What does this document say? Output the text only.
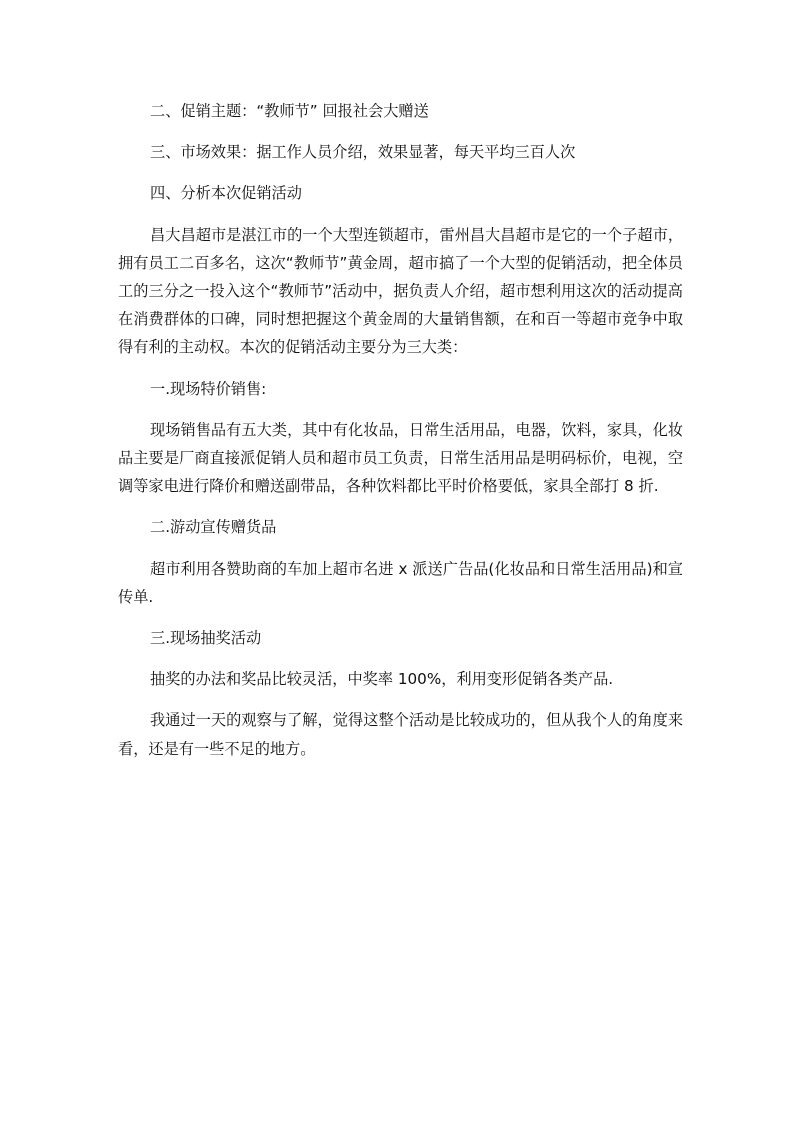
二、促销主题：“教师节” 回报社会大赠送

三、市场效果：据工作人员介绍，效果显著，每天平均三百人次

四、分析本次促销活动

昌大昌超市是湛江市的一个大型连锁超市，雷州昌大昌超市是它的一个子超市，拥有员工二百多名，这次“教师节”黄金周，超市搞了一个大型的促销活动，把全体员工的三分之一投入这个“教师节”活动中，据负责人介绍，超市想利用这次的活动提高在消费群体的口碑，同时想把握这个黄金周的大量销售额，在和百一等超市竞争中取得有利的主动权。本次的促销活动主要分为三大类：

一.现场特价销售:

现场销售品有五大类，其中有化妆品，日常生活用品，电器，饮料，家具，化妆品主要是厂商直接派促销人员和超市员工负责，日常生活用品是明码标价，电视，空调等家电进行降价和赠送副带品，各种饮料都比平时价格要低，家具全部打 8 折.

二.游动宣传赠货品

超市利用各赞助商的车加上超市名进 x 派送广告品(化妆品和日常生活用品)和宣传单.

三.现场抽奖活动

抽奖的办法和奖品比较灵活，中奖率 100%，利用变形促销各类产品.

我通过一天的观察与了解，觉得这整个活动是比较成功的，但从我个人的角度来看，还是有一些不足的地方。
